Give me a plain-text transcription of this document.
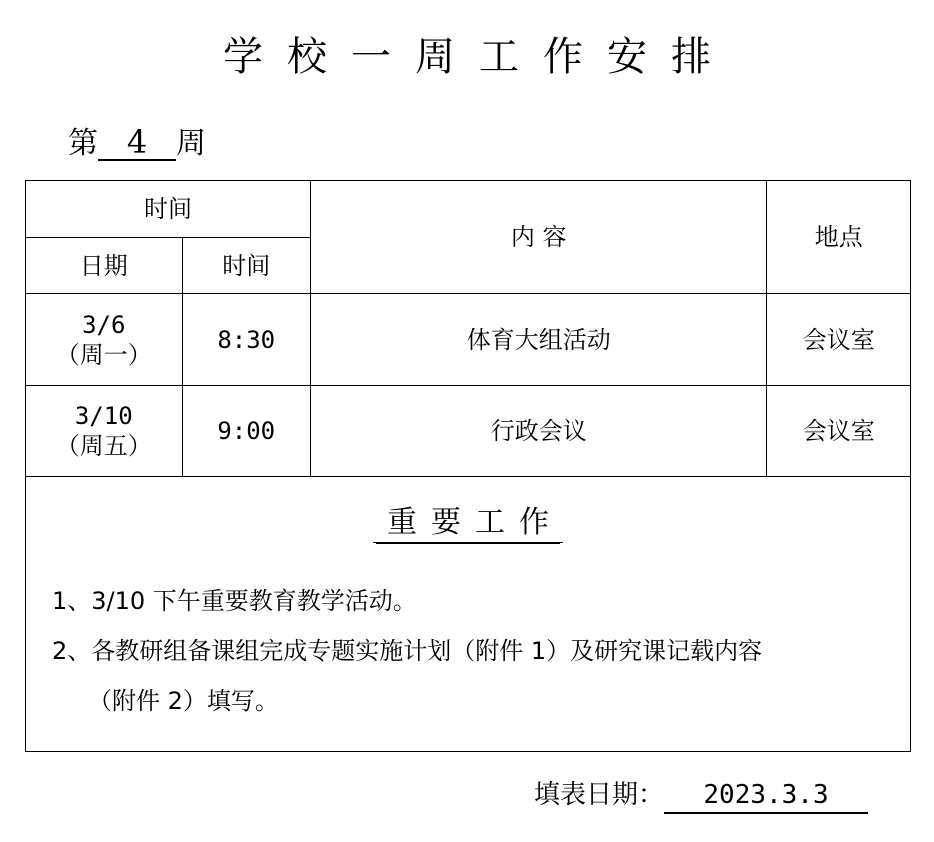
学校一周工作安排
第 4 周
时间		内 容	地点
日期	时间		

3/6
（周一）	8:30	体育大组活动	会议室

3/10
（周五）	9:00	行政会议	会议室
重要工作
1、3/10 下午重要教育教学活动。
2、各教研组备课组完成专题实施计划（附件 1）及研究课记载内容
（附件 2）填写。
填表日期： 2023.3.3
